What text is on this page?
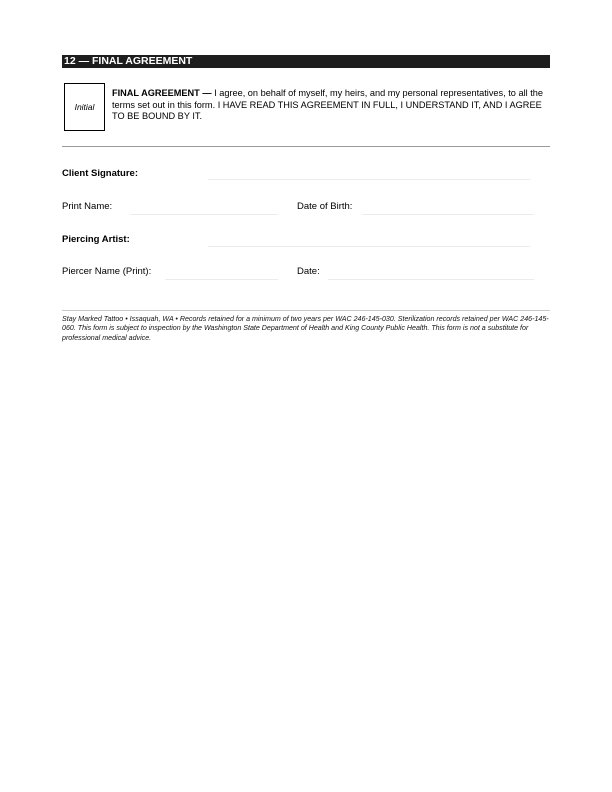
12 — FINAL AGREEMENT
Initial
FINAL AGREEMENT — I agree, on behalf of myself, my heirs, and my personal representatives, to all the terms set out in this form. I HAVE READ THIS AGREEMENT IN FULL, I UNDERSTAND IT, AND I AGREE TO BE BOUND BY IT.
Client Signature:
Print Name:	Date of Birth:
Piercing Artist:
Piercer Name (Print):	Date:
Stay Marked Tattoo • Issaquah, WA • Records retained for a minimum of two years per WAC 246-145-030. Sterilization records retained per WAC 246-145-060. This form is subject to inspection by the Washington State Department of Health and King County Public Health. This form is not a substitute for professional medical advice.
